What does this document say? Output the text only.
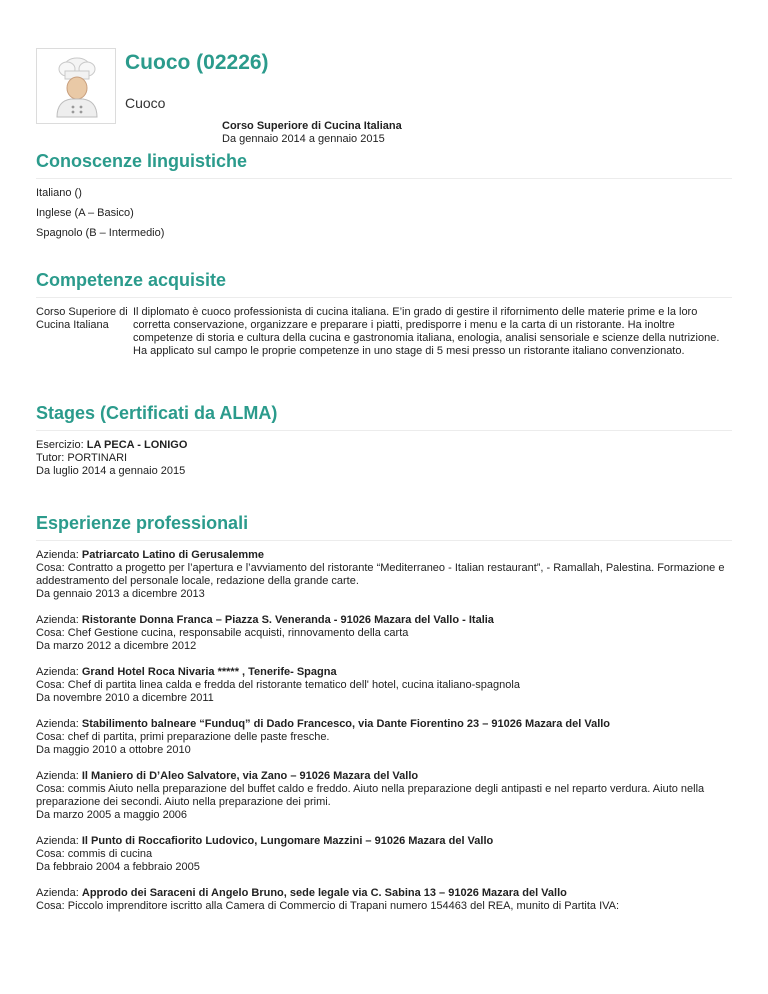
Cuoco (02226)
Cuoco
Corso Superiore di Cucina Italiana
Da gennaio 2014 a gennaio 2015
Conoscenze linguistiche

Italiano ()

Inglese (A – Basico)

Spagnolo (B – Intermedio)

Competenze acquisite
Corso Superiore di Cucina Italiana
Il diplomato è cuoco professionista di cucina italiana. E’in grado di gestire il rifornimento delle materie prime e la loro corretta conservazione, organizzare e preparare i piatti, predisporre i menu e la carta di un ristorante. Ha inoltre competenze di storia e cultura della cucina e gastronomia italiana, enologia, analisi sensoriale e scienze della nutrizione. Ha applicato sul campo le proprie competenze in uno stage di 5 mesi presso un ristorante italiano convenzionato.
Stages (Certificati da ALMA)
Esercizio: LA PECA - LONIGO
Tutor: PORTINARI
Da luglio 2014 a gennaio 2015
Esperienze professionali
Azienda: Patriarcato Latino di Gerusalemme
Cosa: Contratto a progetto per l’apertura e l’avviamento del ristorante “Mediterraneo - Italian restaurant”, - Ramallah, Palestina. Formazione e addestramento del personale locale, redazione della grande carte.
Da gennaio 2013 a dicembre 2013
Azienda: Ristorante Donna Franca – Piazza S. Veneranda - 91026 Mazara del Vallo - Italia
Cosa: Chef Gestione cucina, responsabile acquisti, rinnovamento della carta
Da marzo 2012 a dicembre 2012
Azienda: Grand Hotel Roca Nivaria ***** , Tenerife- Spagna
Cosa: Chef di partita linea calda e fredda del ristorante tematico dell' hotel, cucina italiano-spagnola
Da novembre 2010 a dicembre 2011
Azienda: Stabilimento balneare “Funduq” di Dado Francesco, via Dante Fiorentino 23 – 91026 Mazara del Vallo
Cosa: chef di partita, primi preparazione delle paste fresche.
Da maggio 2010 a ottobre 2010
Azienda: Il Maniero di D’Aleo Salvatore, via Zano – 91026 Mazara del Vallo
Cosa: commis Aiuto nella preparazione del buffet caldo e freddo. Aiuto nella preparazione degli antipasti e nel reparto verdura. Aiuto nella preparazione dei secondi. Aiuto nella preparazione dei primi.
Da marzo 2005 a maggio 2006
Azienda: Il Punto di Roccafiorito Ludovico, Lungomare Mazzini – 91026 Mazara del Vallo
Cosa: commis di cucina
Da febbraio 2004 a febbraio 2005
Azienda: Approdo dei Saraceni di Angelo Bruno, sede legale via C. Sabina 13 – 91026 Mazara del Vallo
Cosa: Piccolo imprenditore iscritto alla Camera di Commercio di Trapani numero 154463 del REA, munito di Partita IVA:
